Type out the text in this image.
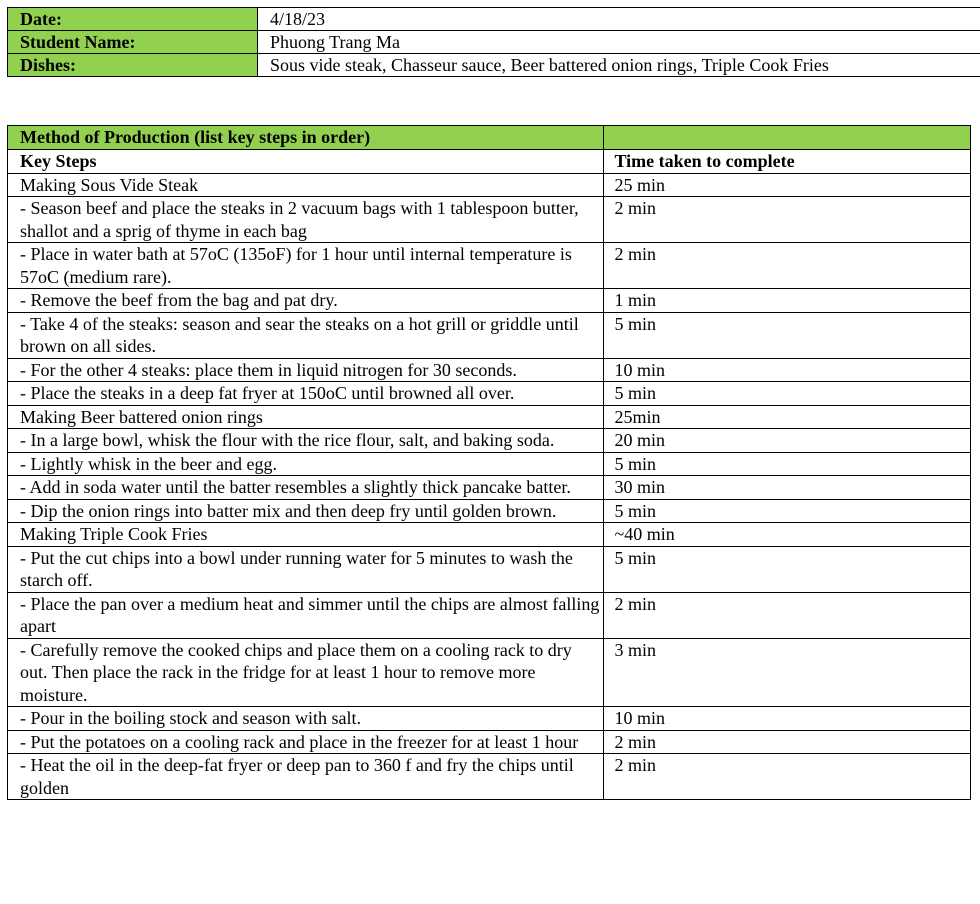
Date:	4/18/23
Student Name:	Phuong Trang Ma
Dishes:	Sous vide steak, Chasseur sauce, Beer battered onion rings, Triple Cook Fries
Method of Production (list key steps in order)	
Key Steps	Time taken to complete
Making Sous Vide Steak	25 min
- Season beef and place the steaks in 2 vacuum bags with 1 tablespoon butter, shallot and a sprig of thyme in each bag	2 min
- Place in water bath at 57oC (135oF) for 1 hour until internal temperature is 57oC (medium rare).	2 min
- Remove the beef from the bag and pat dry.	1 min
- Take 4 of the steaks: season and sear the steaks on a hot grill or griddle until brown on all sides.	5 min
- For the other 4 steaks: place them in liquid nitrogen for 30 seconds.	10 min
- Place the steaks in a deep fat fryer at 150oC until browned all over.	5 min
Making Beer battered onion rings	25min
- In a large bowl, whisk the flour with the rice flour, salt, and baking soda.	20 min
- Lightly whisk in the beer and egg.	5 min
- Add in soda water until the batter resembles a slightly thick pancake batter.	30 min
- Dip the onion rings into batter mix and then deep fry until golden brown.	5 min
Making Triple Cook Fries	~40 min
- Put the cut chips into a bowl under running water for 5 minutes to wash the starch off.	5 min
- Place the pan over a medium heat and simmer until the chips are almost falling apart	2 min
- Carefully remove the cooked chips and place them on a cooling rack to dry out. Then place the rack in the fridge for at least 1 hour to remove more moisture.	3 min
- Pour in the boiling stock and season with salt.	10 min
- Put the potatoes on a cooling rack and place in the freezer for at least 1 hour	2 min
- Heat the oil in the deep-fat fryer or deep pan to 360 f and fry the chips until golden	2 min
